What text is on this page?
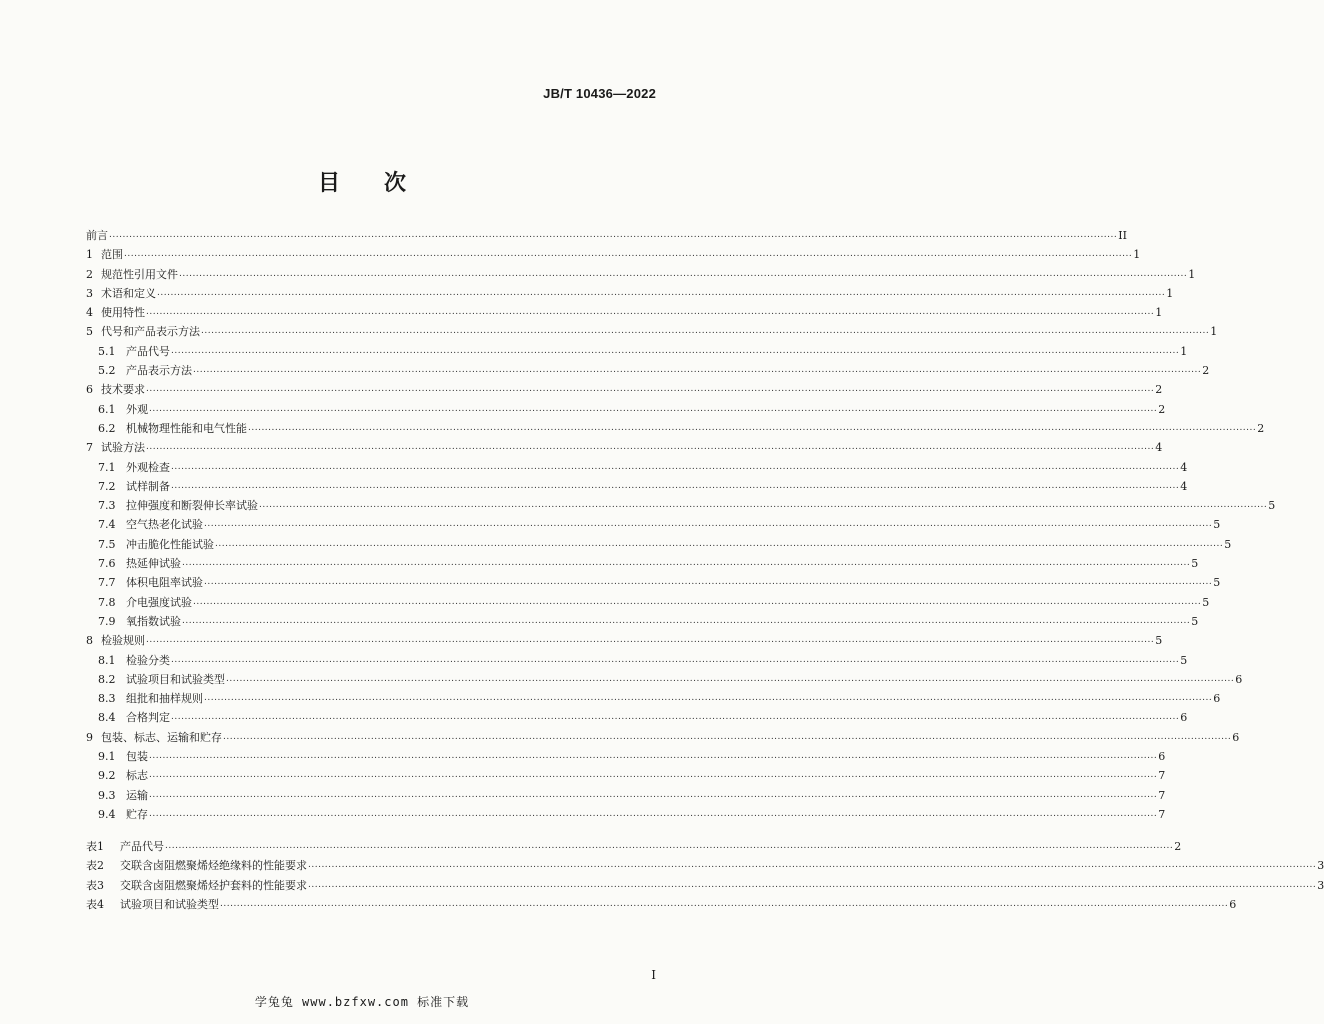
JB/T 10436—2022
目　　次
前言 ............................................................................................................................................................................................................................................................................................................ II
1 范围 ............................................................................................................................................................................................................................................................................................................ 1
2 规范性引用文件 ............................................................................................................................................................................................................................................................................................................ 1
3 术语和定义 ............................................................................................................................................................................................................................................................................................................ 1
4 使用特性 ............................................................................................................................................................................................................................................................................................................ 1
5 代号和产品表示方法 ............................................................................................................................................................................................................................................................................................................ 1
5.1 产品代号 ............................................................................................................................................................................................................................................................................................................ 1
5.2 产品表示方法 ............................................................................................................................................................................................................................................................................................................ 2
6 技术要求 ............................................................................................................................................................................................................................................................................................................ 2
6.1 外观 ............................................................................................................................................................................................................................................................................................................ 2
6.2 机械物理性能和电气性能 ............................................................................................................................................................................................................................................................................................................ 2
7 试验方法 ............................................................................................................................................................................................................................................................................................................ 4
7.1 外观检查 ............................................................................................................................................................................................................................................................................................................ 4
7.2 试样制备 ............................................................................................................................................................................................................................................................................................................ 4
7.3 拉伸强度和断裂伸长率试验 ............................................................................................................................................................................................................................................................................................................ 5
7.4 空气热老化试验 ............................................................................................................................................................................................................................................................................................................ 5
7.5 冲击脆化性能试验 ............................................................................................................................................................................................................................................................................................................ 5
7.6 热延伸试验 ............................................................................................................................................................................................................................................................................................................ 5
7.7 体积电阻率试验 ............................................................................................................................................................................................................................................................................................................ 5
7.8 介电强度试验 ............................................................................................................................................................................................................................................................................................................ 5
7.9 氧指数试验 ............................................................................................................................................................................................................................................................................................................ 5
8 检验规则 ............................................................................................................................................................................................................................................................................................................ 5
8.1 检验分类 ............................................................................................................................................................................................................................................................................................................ 5
8.2 试验项目和试验类型 ............................................................................................................................................................................................................................................................................................................ 6
8.3 组批和抽样规则 ............................................................................................................................................................................................................................................................................................................ 6
8.4 合格判定 ............................................................................................................................................................................................................................................................................................................ 6
9 包装、标志、运输和贮存 ............................................................................................................................................................................................................................................................................................................ 6
9.1 包装 ............................................................................................................................................................................................................................................................................................................ 6
9.2 标志 ............................................................................................................................................................................................................................................................................................................ 7
9.3 运输 ............................................................................................................................................................................................................................................................................................................ 7
9.4 贮存 ............................................................................................................................................................................................................................................................................................................ 7
表1	产品代号 ............................................................................................................................................................................................................................................................................................................ 2
表2	交联含卤阻燃聚烯烃绝缘料的性能要求 ............................................................................................................................................................................................................................................................................................................ 3
表3	交联含卤阻燃聚烯烃护套料的性能要求 ............................................................................................................................................................................................................................................................................................................ 3
表4	试验项目和试验类型 ............................................................................................................................................................................................................................................................................................................ 6
I
学兔兔 www.bzfxw.com 标准下载
